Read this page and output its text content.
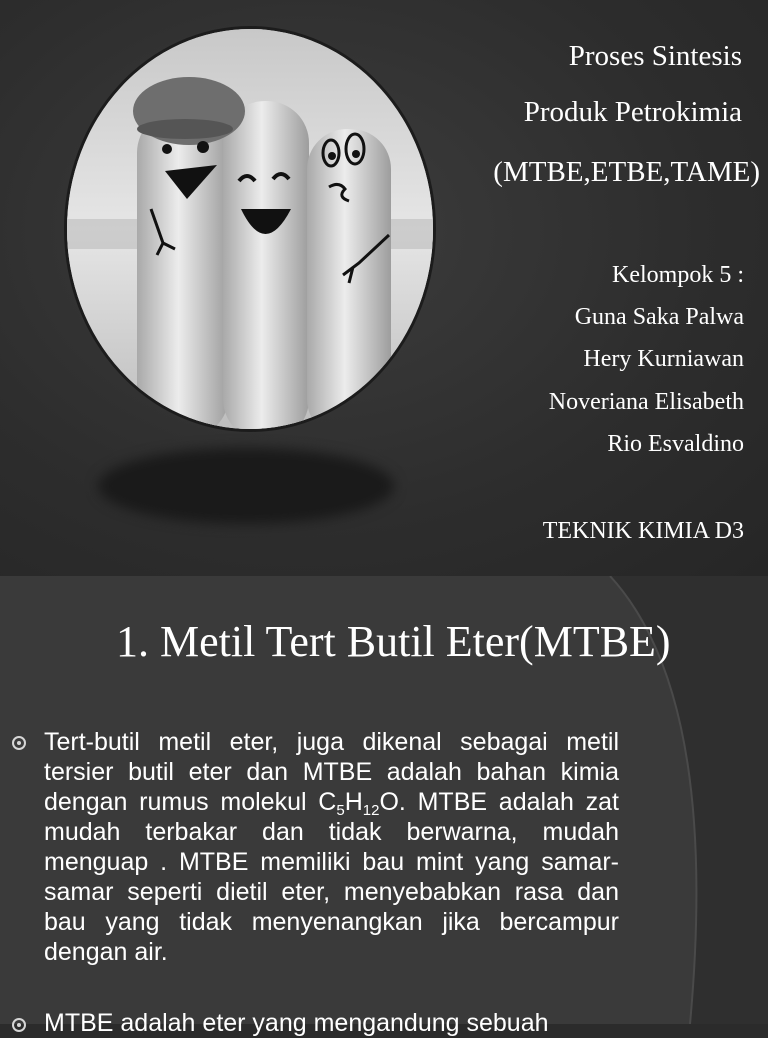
Proses Sintesis
Produk Petrokimia
(MTBE,ETBE,TAME)
Kelompok 5 :
Guna Saka Palwa
Hery Kurniawan
Noveriana Elisabeth
Rio Esvaldino
TEKNIK KIMIA D3
1. Metil Tert Butil Eter(MTBE)
Tert-butil metil eter, juga dikenal sebagai metil tersier butil eter dan MTBE adalah bahan kimia dengan rumus molekul $C_5H_{12}O$. MTBE adalah zat mudah terbakar dan tidak berwarna, mudah menguap . MTBE memiliki bau mint yang samar-samar seperti dietil eter, menyebabkan rasa dan bau yang tidak menyenangkan jika bercampur dengan air.
MTBE adalah eter yang mengandung sebuah
